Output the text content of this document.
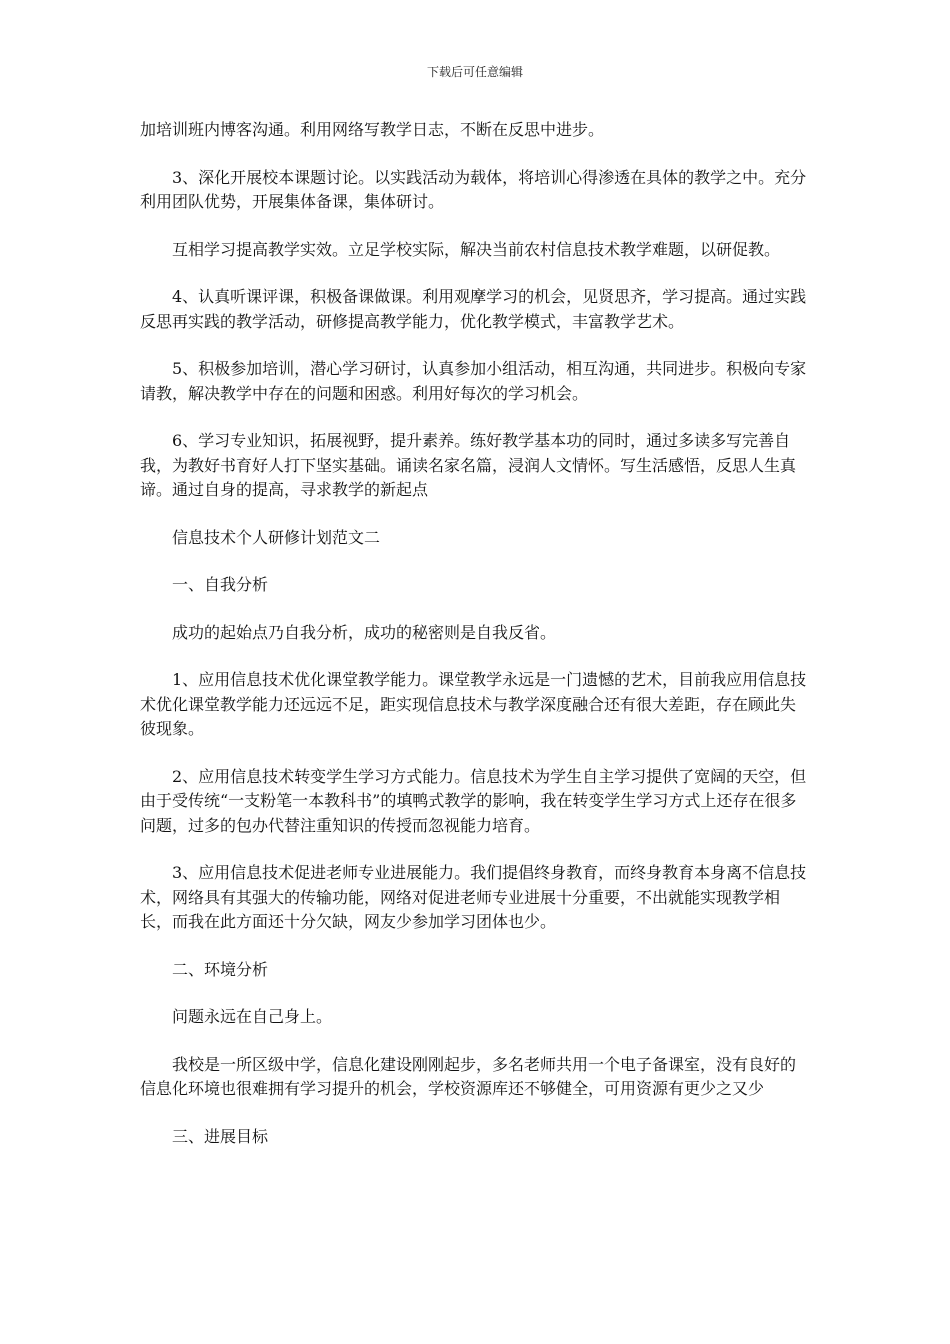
下载后可任意编辑

加培训班内博客沟通。利用网络写教学日志，不断在反思中进步。

3、深化开展校本课题讨论。以实践活动为载体，将培训心得渗透在具体的教学之中。充分利用团队优势，开展集体备课，集体研讨。

互相学习提高教学实效。立足学校实际，解决当前农村信息技术教学难题，以研促教。

4、认真听课评课，积极备课做课。利用观摩学习的机会，见贤思齐，学习提高。通过实践反思再实践的教学活动，研修提高教学能力，优化教学模式，丰富教学艺术。

5、积极参加培训，潜心学习研讨，认真参加小组活动，相互沟通，共同进步。积极向专家请教，解决教学中存在的问题和困惑。利用好每次的学习机会。

6、学习专业知识，拓展视野，提升素养。练好教学基本功的同时，通过多读多写完善自我，为教好书育好人打下坚实基础。诵读名家名篇，浸润人文情怀。写生活感悟，反思人生真谛。通过自身的提高，寻求教学的新起点

信息技术个人研修计划范文二

一、自我分析

成功的起始点乃自我分析，成功的秘密则是自我反省。

1、应用信息技术优化课堂教学能力。课堂教学永远是一门遗憾的艺术，目前我应用信息技术优化课堂教学能力还远远不足，距实现信息技术与教学深度融合还有很大差距，存在顾此失彼现象。

2、应用信息技术转变学生学习方式能力。信息技术为学生自主学习提供了宽阔的天空，但由于受传统“一支粉笔一本教科书”的填鸭式教学的影响，我在转变学生学习方式上还存在很多问题，过多的包办代替注重知识的传授而忽视能力培育。

3、应用信息技术促进老师专业进展能力。我们提倡终身教育，而终身教育本身离不信息技术，网络具有其强大的传输功能，网络对促进老师专业进展十分重要，不出就能实现教学相长，而我在此方面还十分欠缺，网友少参加学习团体也少。

二、环境分析

问题永远在自己身上。

我校是一所区级中学，信息化建设刚刚起步，多名老师共用一个电子备课室，没有良好的信息化环境也很难拥有学习提升的机会，学校资源库还不够健全，可用资源有更少之又少

三、进展目标
